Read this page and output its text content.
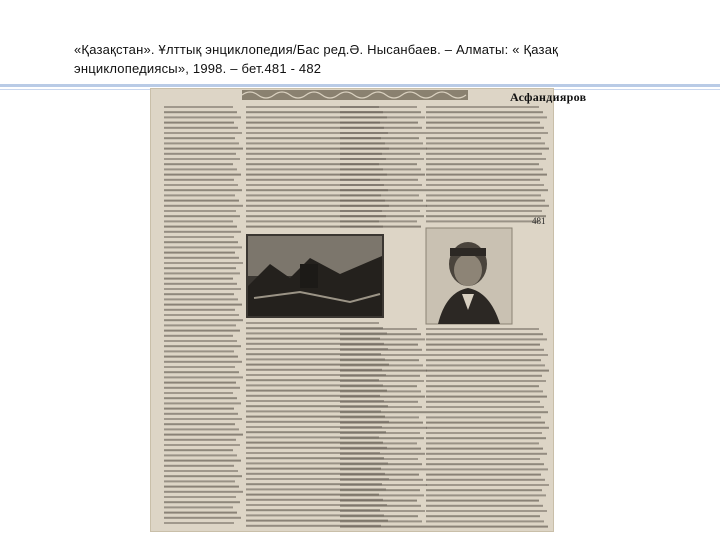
«Қазақстан». Ұлттық энциклопедия/Бас ред.Ә. Нысанбаев. – Алматы: « Қазақ энциклопедиясы», 1998. – бет.481 - 482
Асфандияров
481
